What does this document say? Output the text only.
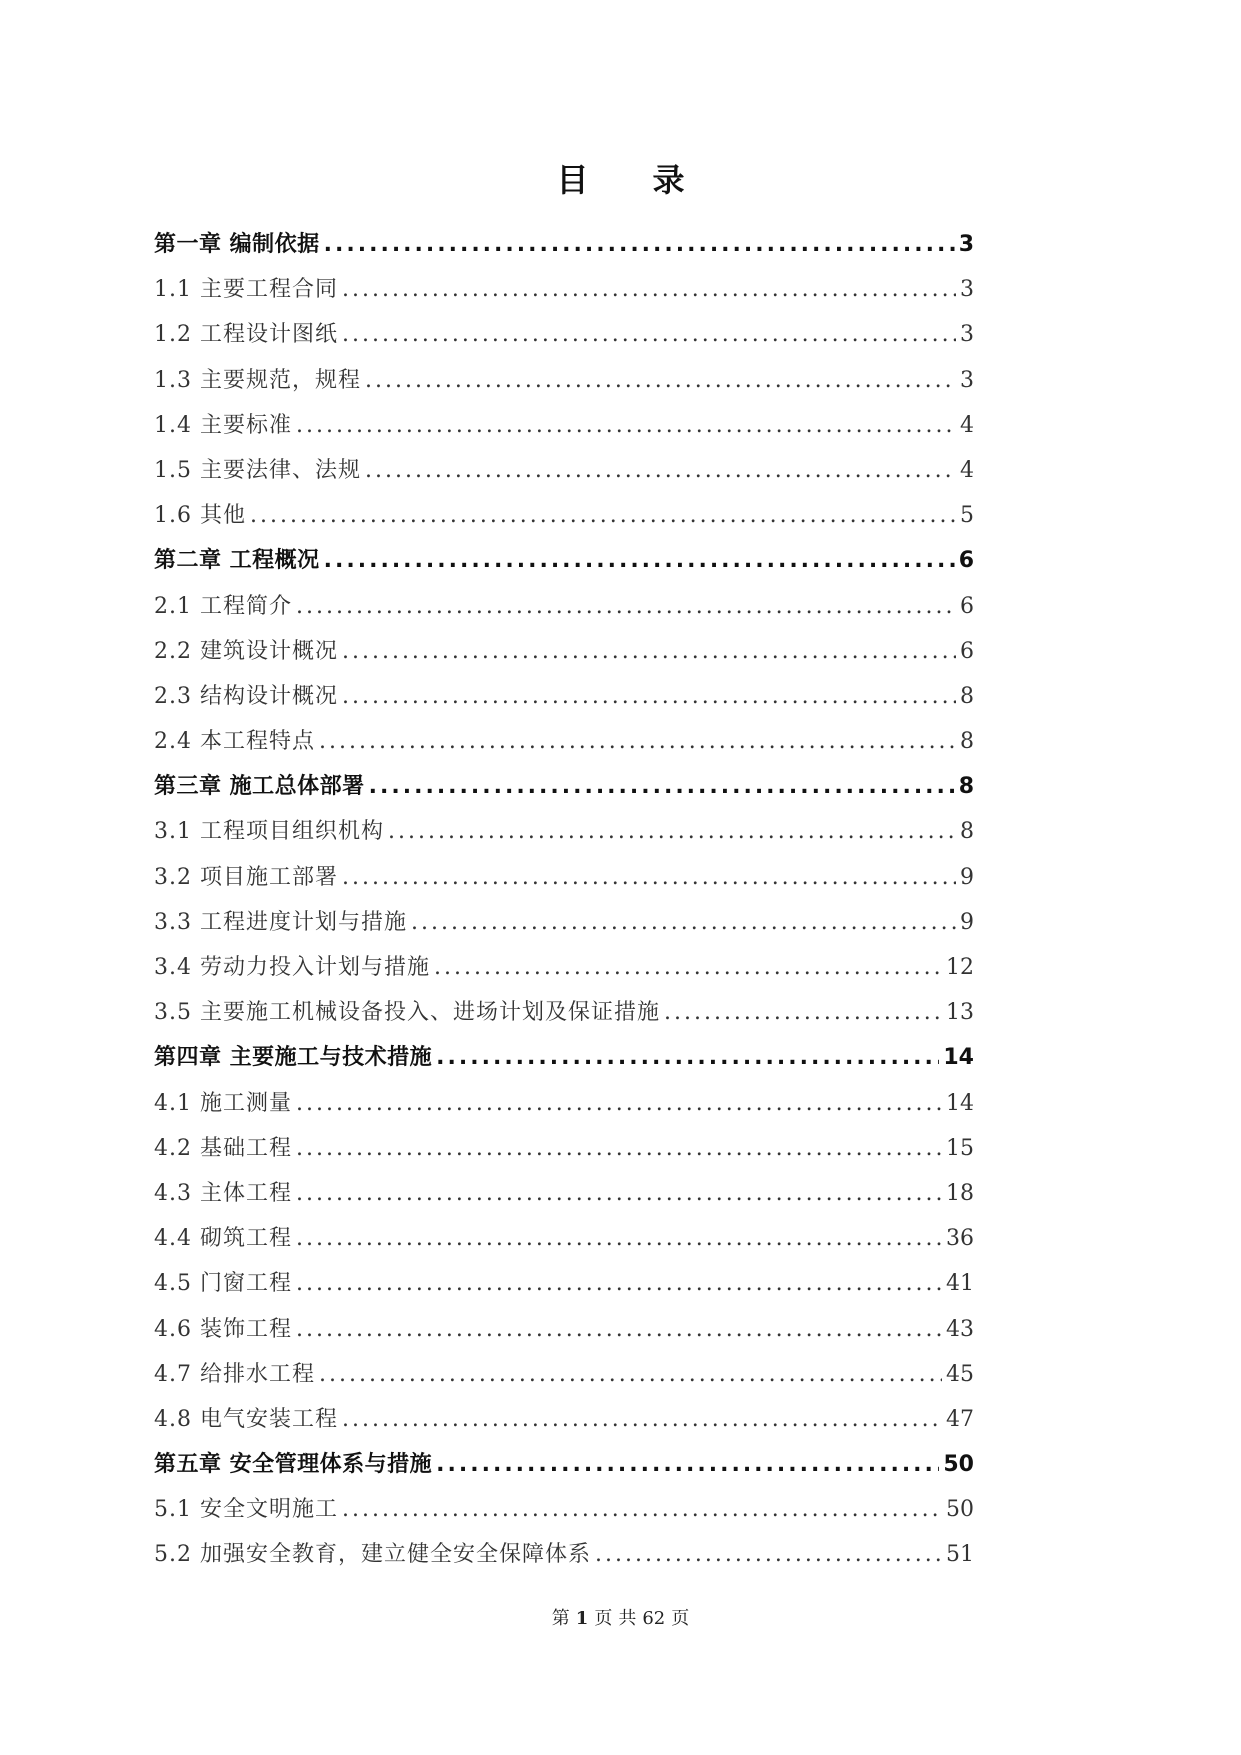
目录
第一章 编制依据 .....	3
1.1 主要工程合同 .....	3
1.2 工程设计图纸 .....	3
1.3 主要规范，规程 .....	3
1.4 主要标准 .....	4
1.5 主要法律、法规 .....	4
1.6 其他 .....	5
第二章 工程概况 .....	6
2.1 工程简介 .....	6
2.2 建筑设计概况 .....	6
2.3 结构设计概况 .....	8
2.4 本工程特点 .....	8
第三章 施工总体部署 .....	8
3.1 工程项目组织机构 .....	8
3.2 项目施工部署 .....	9
3.3 工程进度计划与措施 .....	9
3.4 劳动力投入计划与措施 .....	12
3.5 主要施工机械设备投入、进场计划及保证措施 .....	13
第四章 主要施工与技术措施 .....	14
4.1 施工测量 .....	14
4.2 基础工程 .....	15
4.3 主体工程 .....	18
4.4 砌筑工程 .....	36
4.5 门窗工程 .....	41
4.6 装饰工程 .....	43
4.7 给排水工程 .....	45
4.8 电气安装工程 .....	47
第五章 安全管理体系与措施 .....	50
5.1 安全文明施工 .....	50
5.2 加强安全教育，建立健全安全保障体系 .....	51
第 1 页 共 62 页
